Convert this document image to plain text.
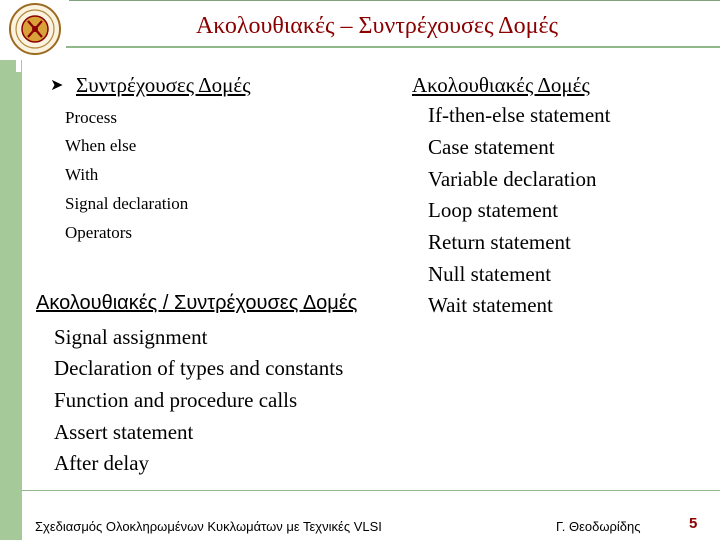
Ακολουθιακές – Συντρέχουσες Δομές
➤ Συντρέχουσες Δομές
Process
When else
With
Signal declaration
Operators
Ακολουθιακές Δομές
If-then-else statement
Case statement
Variable declaration
Loop statement
Return statement
Null statement
Wait statement
Ακολουθιακές / Συντρέχουσες Δομές
Signal assignment
Declaration of types and constants
Function and procedure calls
Assert statement
After delay
Σχεδιασμός Ολοκληρωμένων Κυκλωμάτων με Τεχνικές VLSI	Γ. Θεοδωρίδης	5
